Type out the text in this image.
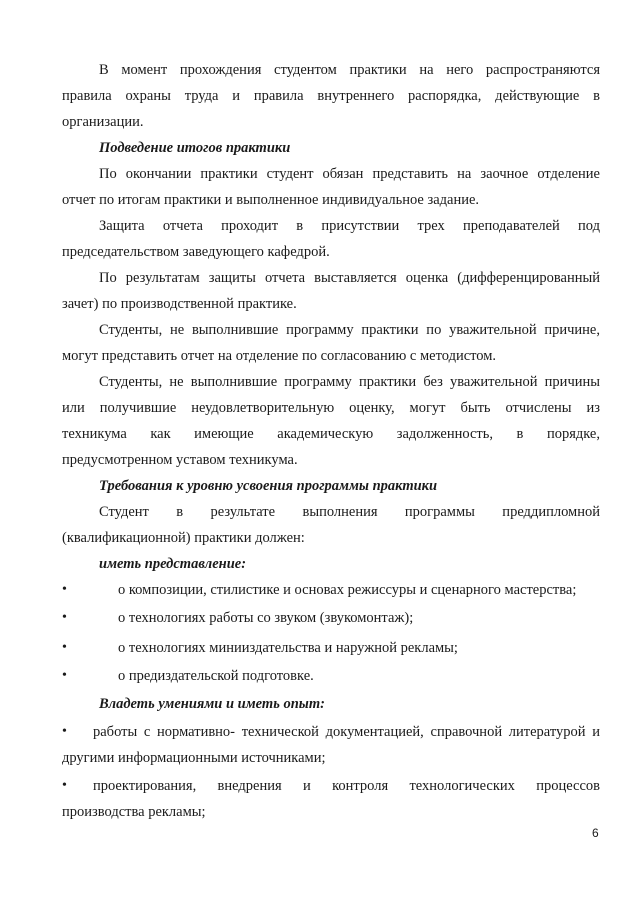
В момент прохождения студентом практики на него распространяются
правила охраны труда и правила внутреннего распорядка, действующие в
организации.
Подведение итогов практики
По окончании практики студент обязан представить на заочное отделение
отчет по итогам практики и выполненное индивидуальное задание.
Защита отчета проходит в присутствии трех преподавателей под
председательством заведующего кафедрой.
По результатам защиты отчета выставляется оценка (дифференцированный
зачет) по производственной практике.
Студенты, не выполнившие программу практики по уважительной причине,
могут представить отчет на отделение по согласованию с методистом.
Студенты, не выполнившие программу практики без уважительной причины
или получившие неудовлетворительную оценку, могут быть отчислены из
техникума как имеющие академическую задолженность, в порядке,
предусмотренном уставом техникума.
Требования к уровню усвоения программы практики
Студент в результате выполнения программы преддипломной
(квалификационной) практики должен:
иметь представление:
•	о композиции, стилистике и основах режиссуры и сценарного мастерства;
•	о технологиях работы со звуком (звукомонтаж);
•	о технологиях минииздательства и наружной рекламы;
•	о предиздательской подготовке.
Владеть умениями и иметь опыт:
• работы с нормативно- технической документацией, справочной литературой и
другими информационными источниками;
• проектирования, внедрения и контроля технологических процессов
производства рекламы;
6
